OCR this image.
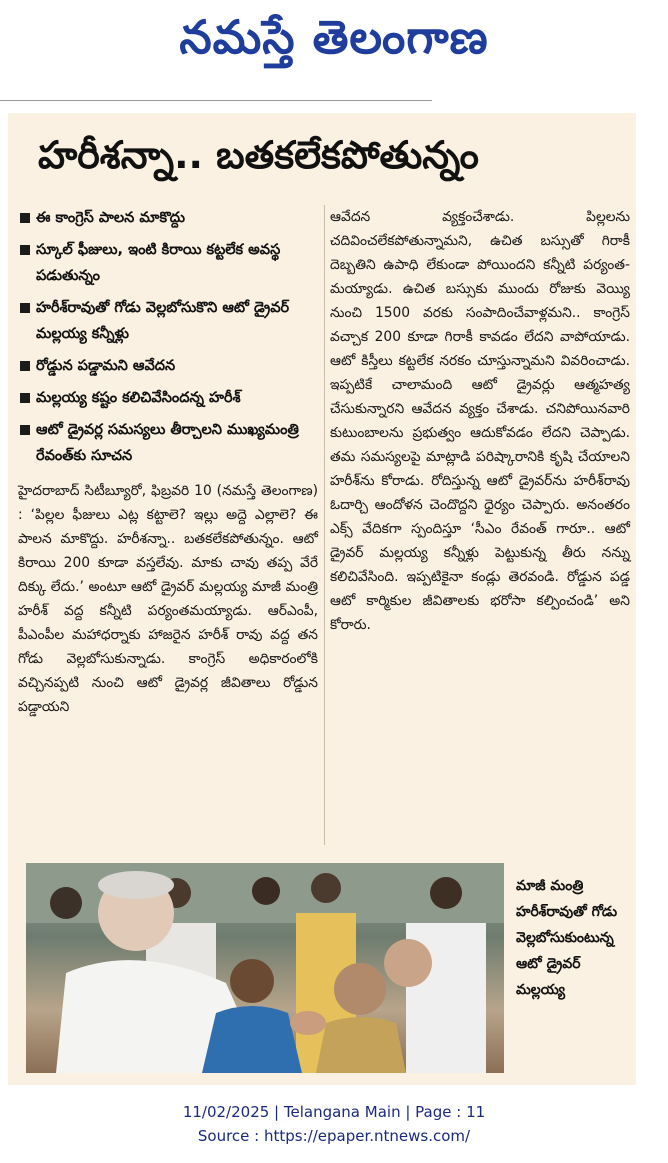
నమస్తే తెలంగాణ
హరీశన్నా.. బతకలేకపోతున్నం
ఈ కాంగ్రెస్ పాలన మాకొద్దు
స్కూల్ ఫీజులు, ఇంటి కిరాయి కట్టలేక అవస్థ పడుతున్నం
హరీశ్‌రావుతో గోడు వెల్లబోసుకొని ఆటో డ్రైవర్ మల్లయ్య కన్నీళ్లు
రోడ్డున పడ్డామని ఆవేదన
మల్లయ్య కష్టం కలిచివేసిందన్న హరీశ్
ఆటో డ్రైవర్ల సమస్యలు తీర్చాలని ముఖ్యమంత్రి రేవంత్‌కు సూచన

హైదరాబాద్ సిటీబ్యూరో, ఫిబ్రవరి 10 (నమస్తే తెలంగాణ) : ‘పిల్లల ఫీజులు ఎట్ల కట్టాలె? ఇల్లు అద్దె ఎల్లాలె? ఈ పాలన మాకొద్దు. హరీశన్నా.. బతకలేకపోతున్నం. ఆటో కిరాయి 200 కూడా వస్తలేవు. మాకు చావు తప్ప వేరే దిక్కు లేదు.’ అంటూ ఆటో డ్రైవర్ మల్లయ్య మాజీ మంత్రి హరీశ్ వద్ద కన్నీటి పర్యంతమయ్యాడు. ఆర్‌ఎంపీ, పీఎంపీల మహాధర్నాకు హాజరైన హరీశ్ రావు వద్ద తన గోడు వెల్లబోసుకున్నాడు. కాంగ్రెస్ అధికారంలోకి వచ్చినప్పటి నుంచి ఆటో డ్రైవర్ల జీవితాలు రోడ్డున పడ్డాయని

ఆవేదన వ్యక్తంచేశాడు. పిల్లలను చదివించలేకపోతున్నామని, ఉచిత బస్సుతో గిరాకీ దెబ్బతిని ఉపాధి లేకుండా పోయిందని కన్నీటి పర్యంత-మయ్యాడు. ఉచిత బస్సుకు ముందు రోజుకు వెయ్యి నుంచి 1500 వరకు సంపాదించేవాళ్లమని.. కాంగ్రెస్ వచ్చాక 200 కూడా గిరాకీ కావడం లేదని వాపోయాడు. ఆటో కిస్తీలు కట్టలేక నరకం చూస్తున్నామని వివరించాడు. ఇప్పటికే చాలామంది ఆటో డ్రైవర్లు ఆత్మహత్య చేసుకున్నారని ఆవేదన వ్యక్తం చేశాడు. చనిపోయినవారి కుటుంబాలను ప్రభుత్వం ఆదుకోవడం లేదని చెప్పాడు. తమ సమస్యలపై మాట్లాడి పరిష్కారానికి కృషి చేయాలని హరీశ్‌ను కోరాడు. రోదిస్తున్న ఆటో డ్రైవర్‌ను హరీశ్‌రావు ఓదార్చి ఆందోళన చెందొద్దని ధైర్యం చెప్పారు. అనంతరం ఎక్స్ వేదికగా స్పందిస్తూ ‘సీఎం రేవంత్ గారూ.. ఆటో డ్రైవర్ మల్లయ్య కన్నీళ్లు పెట్టుకున్న తీరు నన్ను కలిచివేసింది. ఇప్పటికైనా కండ్లు తెరవండి. రోడ్డున పడ్డ ఆటో కార్మికుల జీవితాలకు భరోసా కల్పించండి’ అని కోరారు.

మాజీ మంత్రి హరీశ్‌రావుతో గోడు వెల్లబోసుకుంటున్న ఆటో డ్రైవర్ మల్లయ్య

11/02/2025 | Telangana Main | Page : 11
Source : https://epaper.ntnews.com/
